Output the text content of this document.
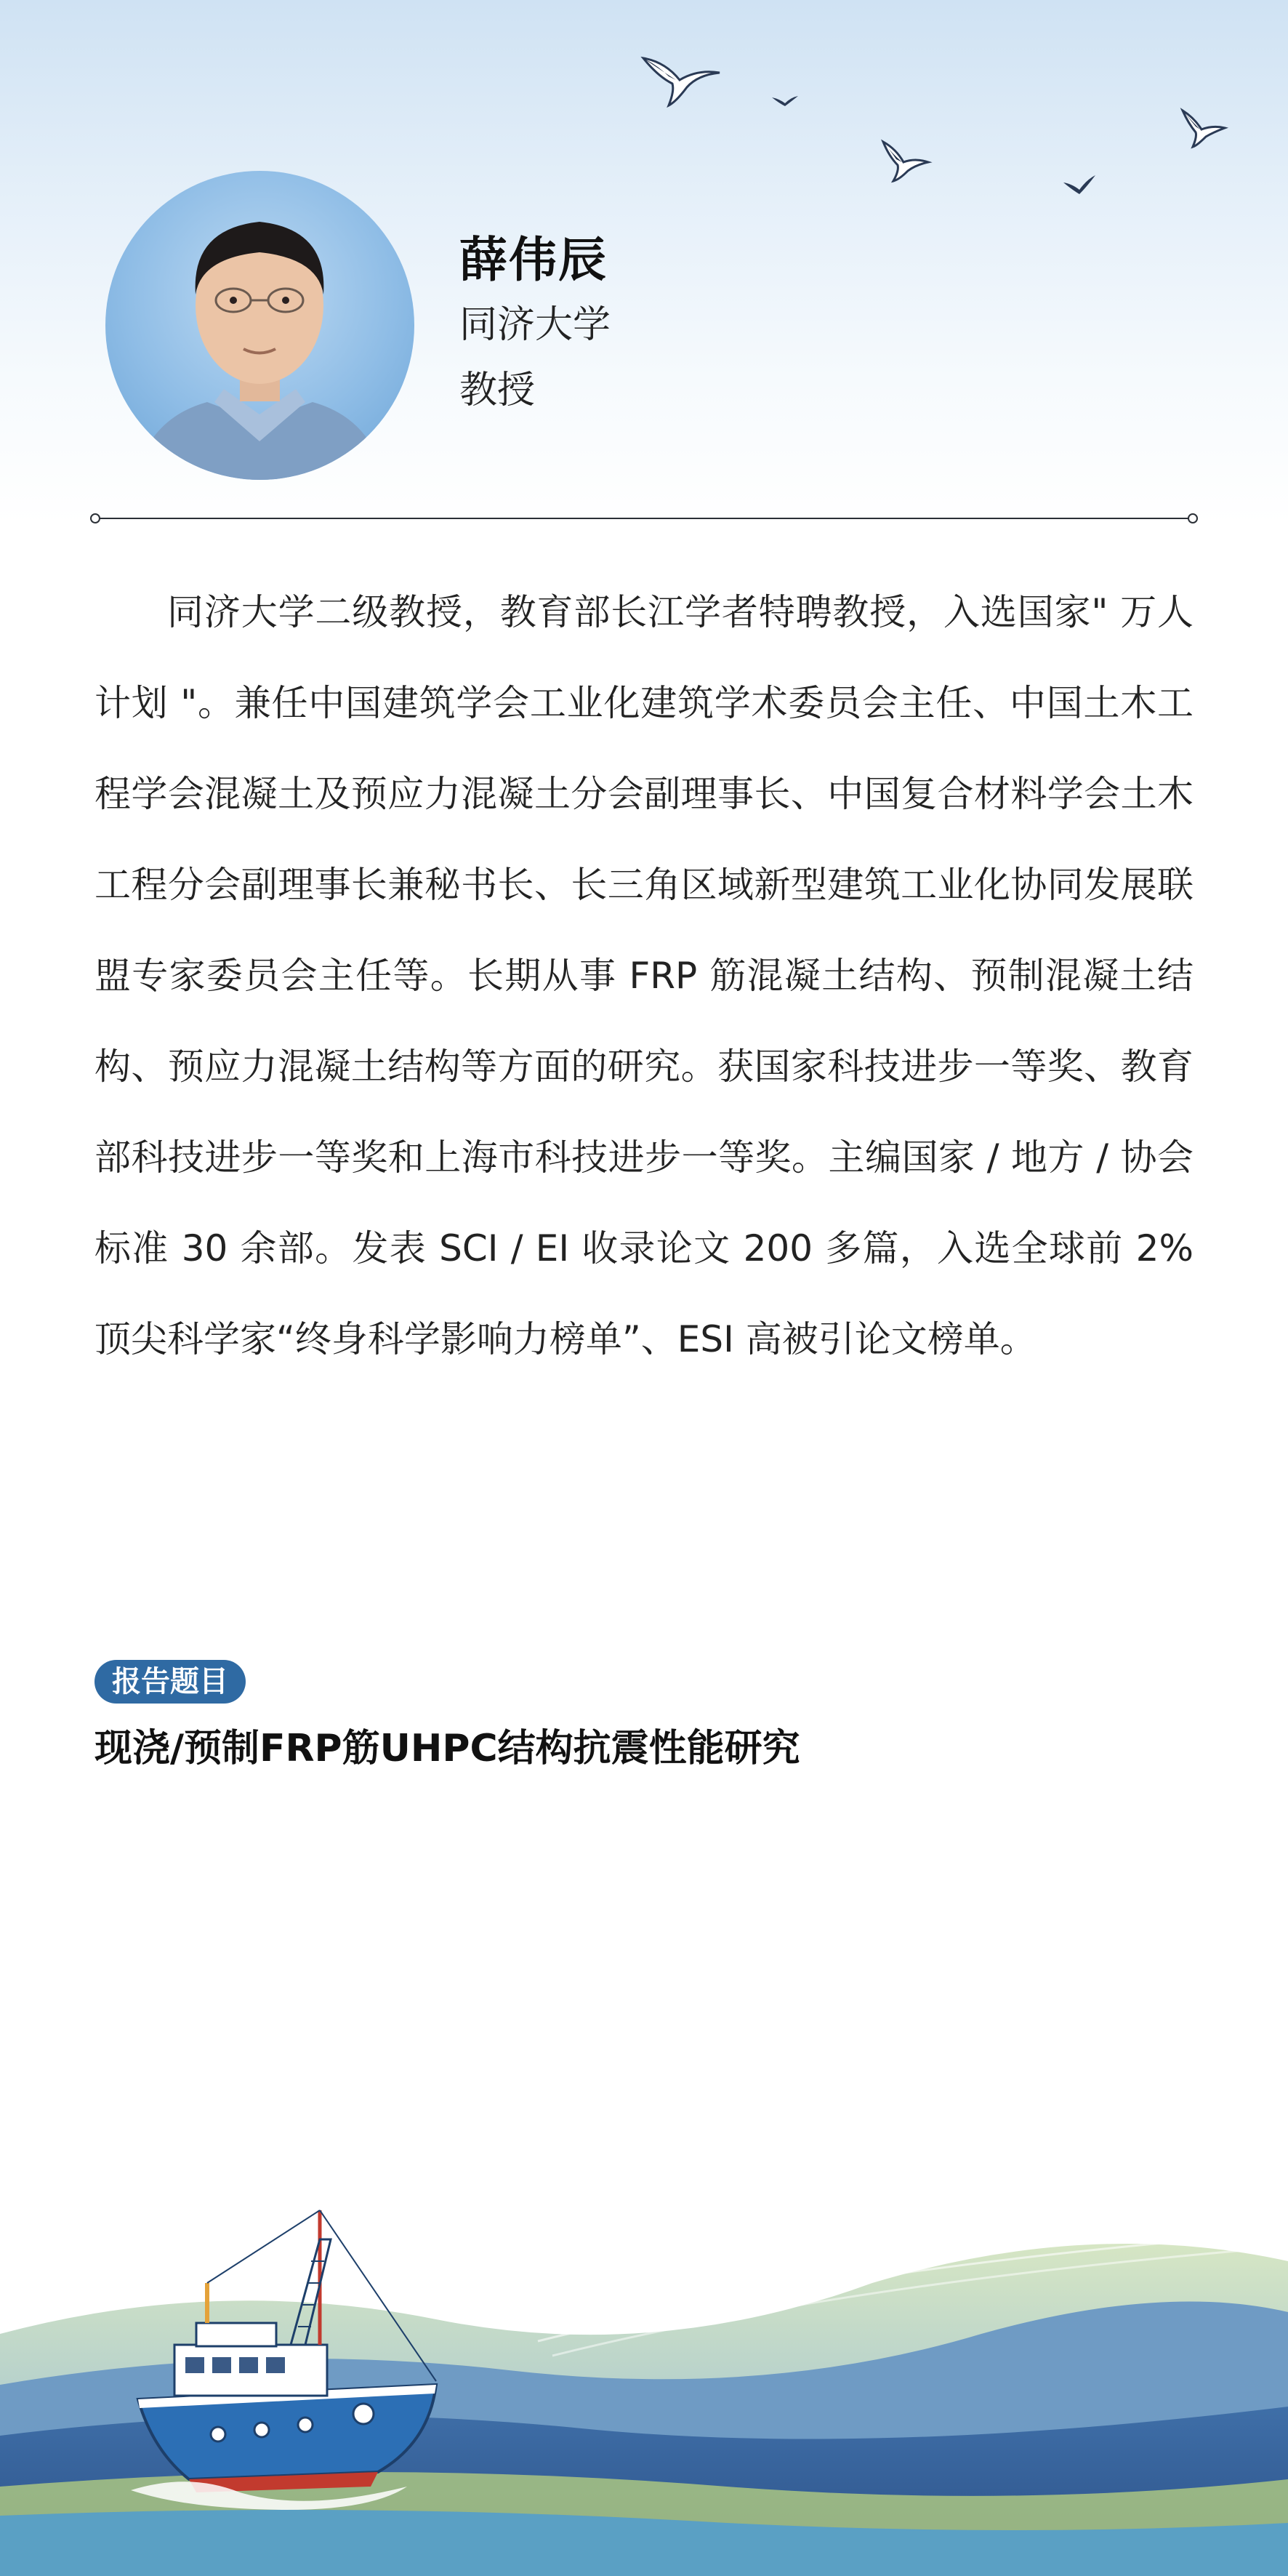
薛伟辰
同济大学
教授

同济大学二级教授，教育部长江学者特聘教授，入选国家" 万人计划 "。兼任中国建筑学会工业化建筑学术委员会主任、中国土木工程学会混凝土及预应力混凝土分会副理事长、中国复合材料学会土木工程分会副理事长兼秘书长、长三角区域新型建筑工业化协同发展联盟专家委员会主任等。长期从事 FRP 筋混凝土结构、预制混凝土结构、预应力混凝土结构等方面的研究。获国家科技进步一等奖、教育部科技进步一等奖和上海市科技进步一等奖。主编国家 / 地方 / 协会标准 30 余部。发表 SCI / EI 收录论文 200 多篇，入选全球前 2% 顶尖科学家“终身科学影响力榜单”、ESI 高被引论文榜单。

报告题目
现浇/预制FRP筋UHPC结构抗震性能研究
